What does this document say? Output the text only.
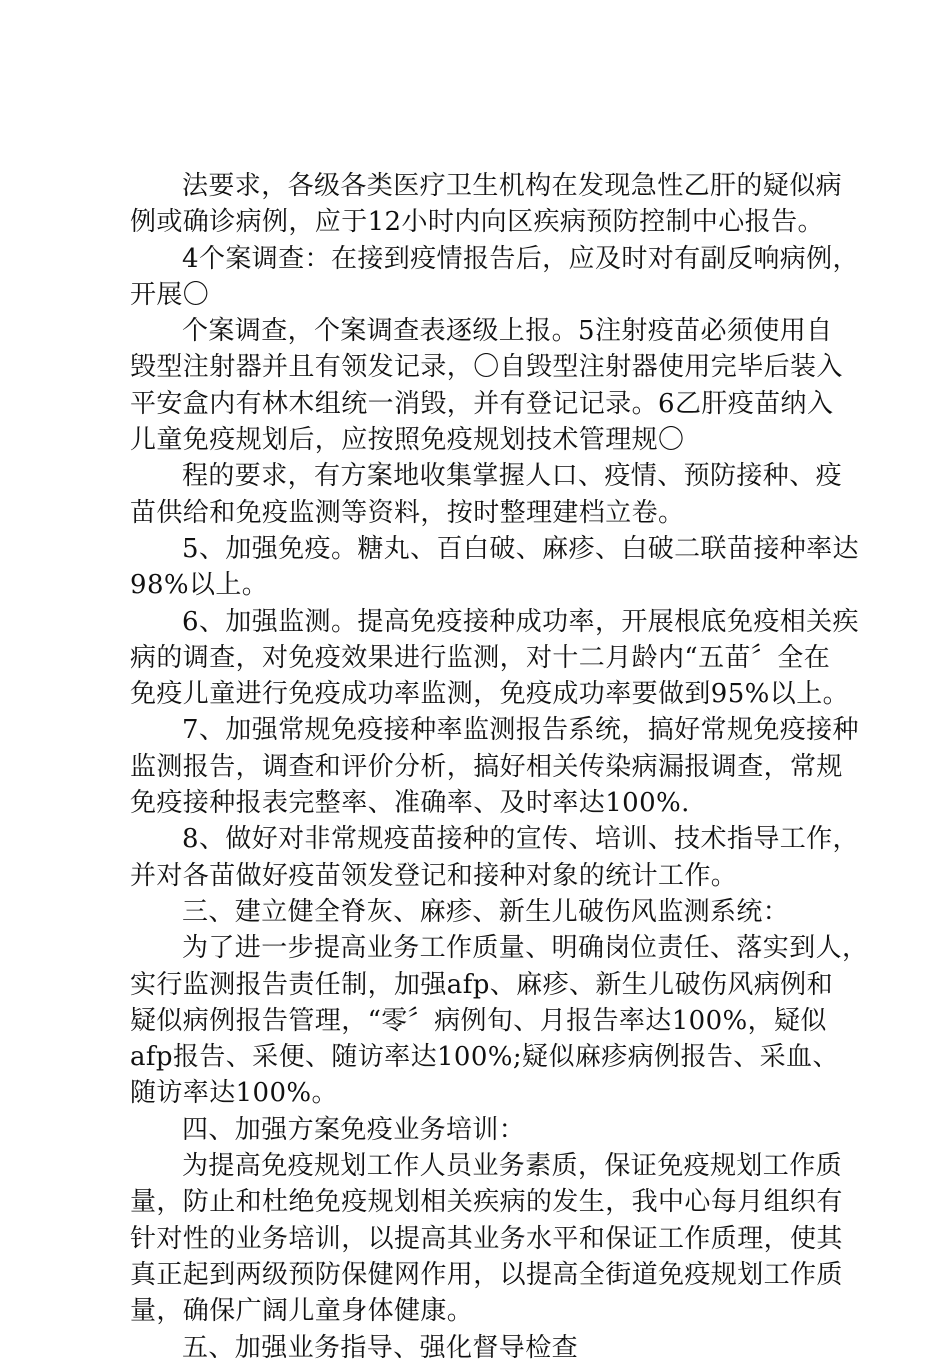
法要求，各级各类医疗卫生机构在发现急性乙肝的疑似病
例或确诊病例，应于12小时内向区疾病预防控制中心报告。
4个案调查：在接到疫情报告后，应及时对有副反响病例，
开展〇
个案调查，个案调查表逐级上报。5注射疫苗必须使用自
毁型注射器并且有领发记录，〇自毁型注射器使用完毕后装入
平安盒内有林木组统一消毁，并有登记记录。6乙肝疫苗纳入
儿童免疫规划后，应按照免疫规划技术管理规〇
程的要求，有方案地收集掌握人口、疫情、预防接种、疫
苗供给和免疫监测等资料，按时整理建档立卷。
5、加强免疫。糖丸、百白破、麻疹、白破二联苗接种率达
98%以上。
6、加强监测。提高免疫接种成功率，开展根底免疫相关疾
病的调查，对免疫效果进行监测，对十二月龄内“五苗〞全在
免疫儿童进行免疫成功率监测，免疫成功率要做到95%以上。
7、加强常规免疫接种率监测报告系统，搞好常规免疫接种
监测报告，调查和评价分析，搞好相关传染病漏报调查，常规
免疫接种报表完整率、准确率、及时率达100%.
8、做好对非常规疫苗接种的宣传、培训、技术指导工作，
并对各苗做好疫苗领发登记和接种对象的统计工作。
三、建立健全脊灰、麻疹、新生儿破伤风监测系统：
为了进一步提高业务工作质量、明确岗位责任、落实到人，
实行监测报告责任制，加强afp、麻疹、新生儿破伤风病例和
疑似病例报告管理，“零〞病例旬、月报告率达100%，疑似
afp报告、采便、随访率达100%;疑似麻疹病例报告、采血、
随访率达100%。
四、加强方案免疫业务培训：
为提高免疫规划工作人员业务素质，保证免疫规划工作质
量，防止和杜绝免疫规划相关疾病的发生，我中心每月组织有
针对性的业务培训，以提高其业务水平和保证工作质理，使其
真正起到两级预防保健网作用，以提高全街道免疫规划工作质
量，确保广阔儿童身体健康。
五、加强业务指导、强化督导检查
